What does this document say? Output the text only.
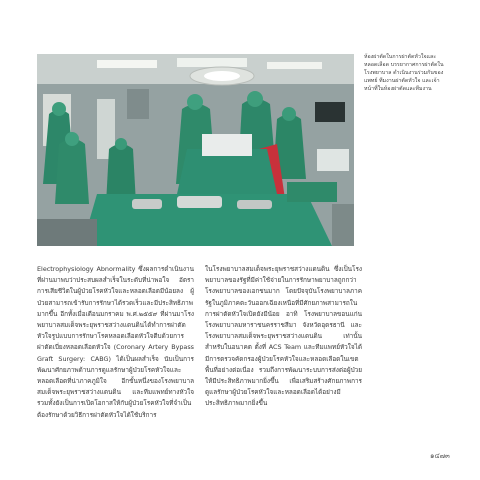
ห้องผ่าตัดในการผ่าตัดหัวใจและหลอดเลือด บรรยากาศการผ่าตัดในโรงพยาบาล ดำเนินงานร่วมกันของแพทย์ ทีมงานผ่าตัดหัวใจ และเจ้าหน้าที่ในห้องผ่าตัดและทีมงาน

Electrophysiology Abnormality ซึ่งผลการดำเนินงานที่ผ่านมาพบว่าประสบผลสำเร็จในระดับที่น่าพอใจ อัตราการเสียชีวิตในผู้ป่วยโรคหัวใจและหลอดเลือดมีน้อยลง ผู้ป่วยสามารถเข้ารับการรักษาได้รวดเร็วและมีประสิทธิภาพมากขึ้น อีกทั้งเมื่อเดือนมกราคม พ.ศ.๒๕๕๙ ที่ผ่านมาโรงพยาบาลสมเด็จพระยุพราชสว่างแดนดินได้ทำการผ่าตัดหัวใจรูปแบบการรักษาโรคหลอดเลือดหัวใจตีบด้วยการผ่าตัดเบี่ยงหลอดเลือดหัวใจ (Coronary Artery Bypass Graft Surgery: CABG) ได้เป็นผลสำเร็จ นับเป็นการพัฒนาศักยภาพด้านการดูแลรักษาผู้ป่วยโรคหัวใจและหลอดเลือดที่น่าภาคภูมิใจ อีกขั้นหนึ่งของโรงพยาบาลสมเด็จพระยุพราชสว่างแดนดิน และทีมแพทย์ทางหัวใจ รวมทั้งยังเป็นการเปิดโอกาสให้กับผู้ป่วยโรคหัวใจที่จำเป็นต้องรักษาด้วยวิธีการผ่าตัดหัวใจได้ใช้บริการ

ในโรงพยาบาลสมเด็จพระยุพราชสว่างแดนดิน ซึ่งเป็นโรงพยาบาลของรัฐที่มีค่าใช้จ่ายในการรักษาพยาบาลถูกกว่าโรงพยาบาลของเอกชนมาก โดยปัจจุบันโรงพยาบาลภาครัฐในภูมิภาคตะวันออกเฉียงเหนือที่มีศักยภาพสามารถในการผ่าตัดหัวใจเปิดยังมีน้อย อาทิ โรงพยาบาลขอนแก่น โรงพยาบาลมหาราชนครราชสีมา จังหวัดอุดรธานี และโรงพยาบาลสมเด็จพระยุพราชสว่างแดนดิน เท่านั้น สำหรับในอนาคต ตั้งที่ ACS Team และทีมแพทย์หัวใจได้มีการตรวจคัดกรองผู้ป่วยโรคหัวใจและหลอดเลือดในเขตพื้นที่อย่างต่อเนื่อง รวมถึงการพัฒนาระบบการส่งต่อผู้ป่วยให้มีประสิทธิภาพมากยิ่งขึ้น เพื่อเสริมสร้างศักยภาพการดูแลรักษาผู้ป่วยโรคหัวใจและหลอดเลือดได้อย่างมีประสิทธิภาพมากยิ่งขึ้น

๑๔๗๓
